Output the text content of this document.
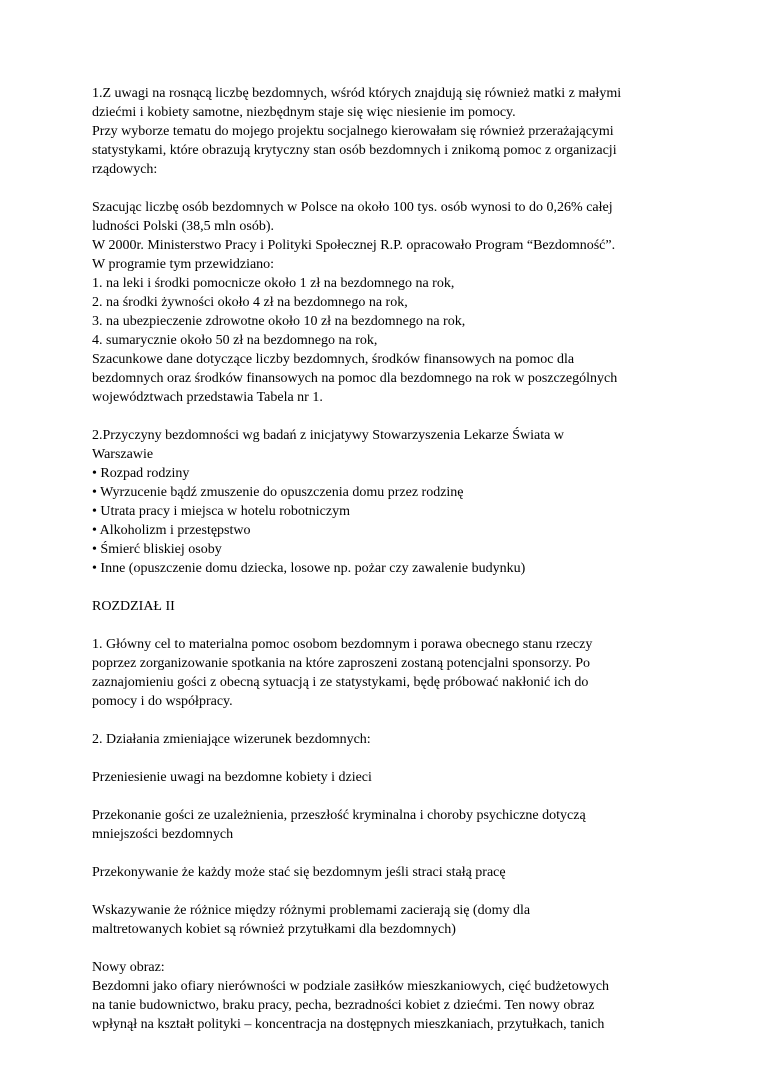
1.Z uwagi na rosnącą liczbę bezdomnych, wśród których znajdują się również matki z małymi
dziećmi i kobiety samotne, niezbędnym staje się więc niesienie im pomocy.
Przy wyborze tematu do mojego projektu socjalnego kierowałam się również przerażającymi
statystykami, które obrazują krytyczny stan osób bezdomnych i znikomą pomoc z organizacji
rządowych:
Szacując liczbę osób bezdomnych w Polsce na około 100 tys. osób wynosi to do 0,26% całej
ludności Polski (38,5 mln osób).
W 2000r. Ministerstwo Pracy i Polityki Społecznej R.P. opracowało Program “Bezdomność”.
W programie tym przewidziano:
1. na leki i środki pomocnicze około 1 zł na bezdomnego na rok,
2. na środki żywności około 4 zł na bezdomnego na rok,
3. na ubezpieczenie zdrowotne około 10 zł na bezdomnego na rok,
4. sumarycznie około 50 zł na bezdomnego na rok,
Szacunkowe dane dotyczące liczby bezdomnych, środków finansowych na pomoc dla
bezdomnych oraz środków finansowych na pomoc dla bezdomnego na rok w poszczególnych
województwach przedstawia Tabela nr 1.
2.Przyczyny bezdomności wg badań z inicjatywy Stowarzyszenia Lekarze Świata w
Warszawie
• Rozpad rodziny
• Wyrzucenie bądź zmuszenie do opuszczenia domu przez rodzinę
• Utrata pracy i miejsca w hotelu robotniczym
• Alkoholizm i przestępstwo
• Śmierć bliskiej osoby
• Inne (opuszczenie domu dziecka, losowe np. pożar czy zawalenie budynku)
ROZDZIAŁ II
1. Główny cel to materialna pomoc osobom bezdomnym i porawa obecnego stanu rzeczy
poprzez zorganizowanie spotkania na które zaproszeni zostaną potencjalni sponsorzy. Po
zaznajomieniu gości z obecną sytuacją i ze statystykami, będę próbować nakłonić ich do
pomocy i do współpracy.
2. Działania zmieniające wizerunek bezdomnych:
Przeniesienie uwagi na bezdomne kobiety i dzieci
Przekonanie gości ze uzależnienia, przeszłość kryminalna i choroby psychiczne dotyczą
mniejszości bezdomnych
Przekonywanie że każdy może stać się bezdomnym jeśli straci stałą pracę
Wskazywanie że różnice między różnymi problemami zacierają się (domy dla
maltretowanych kobiet są również przytułkami dla bezdomnych)
Nowy obraz:
Bezdomni jako ofiary nierówności w podziale zasiłków mieszkaniowych, cięć budżetowych
na tanie budownictwo, braku pracy, pecha, bezradności kobiet z dziećmi. Ten nowy obraz
wpłynął na kształt polityki – koncentracja na dostępnych mieszkaniach, przytułkach, tanich
